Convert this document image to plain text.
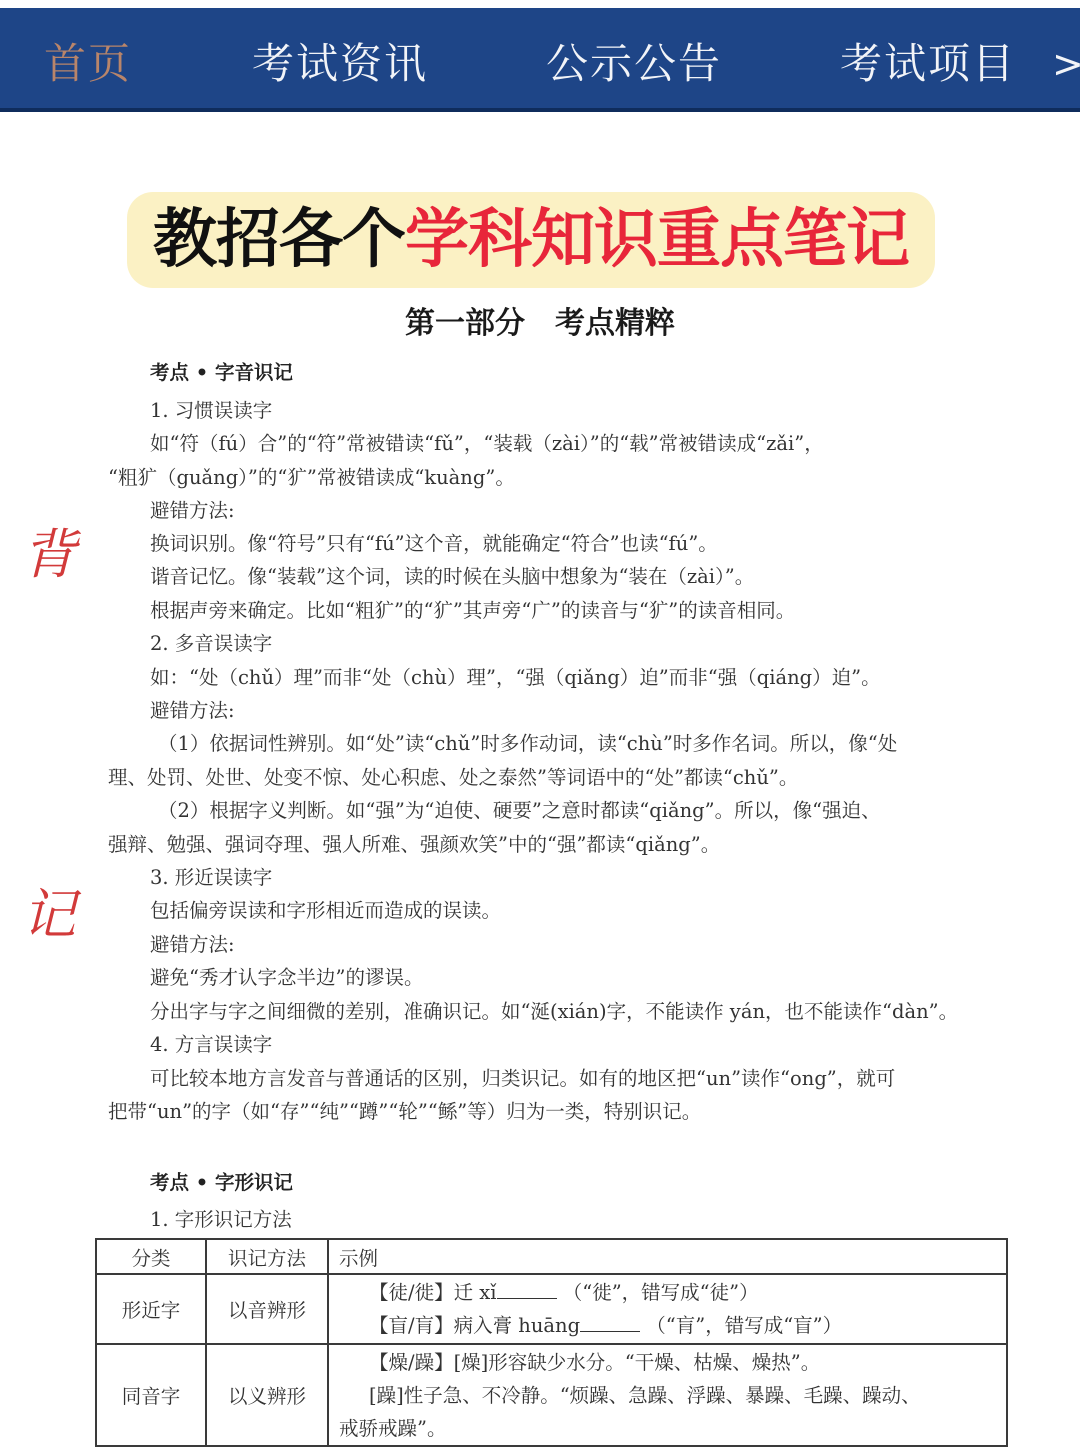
首页	考试资讯	公示公告	考试项目 >
教招各个学科知识重点笔记
第一部分　考点精粹
背
记
考点 • 字音识记
1. 习惯误读字
如“符（fú）合”的“符”常被错读“fǔ”，“装载（zài）”的“载”常被错读成“zǎi”，
“粗犷（guǎng）”的“犷”常被错读成“kuàng”。
避错方法:
换词识别。像“符号”只有“fú”这个音，就能确定“符合”也读“fú”。
谐音记忆。像“装载”这个词，读的时候在头脑中想象为“装在（zài）”。
根据声旁来确定。比如“粗犷”的“犷”其声旁“广”的读音与“犷”的读音相同。
2. 多音误读字
如：“处（chǔ）理”而非“处（chù）理”，“强（qiǎng）迫”而非“强（qiáng）迫”。
避错方法:
（1）依据词性辨别。如“处”读“chǔ”时多作动词，读“chù”时多作名词。所以，像“处
理、处罚、处世、处变不惊、处心积虑、处之泰然”等词语中的“处”都读“chǔ”。
（2）根据字义判断。如“强”为“迫使、硬要”之意时都读“qiǎng”。所以，像“强迫、
强辩、勉强、强词夺理、强人所难、强颜欢笑”中的“强”都读“qiǎng”。
3. 形近误读字
包括偏旁误读和字形相近而造成的误读。
避错方法:
避免“秀才认字念半边”的谬误。
分出字与字之间细微的差别，准确识记。如“涎(xián)字，不能读作 yán，也不能读作“dàn”。
4. 方言误读字
可比较本地方言发音与普通话的区别，归类识记。如有的地区把“un”读作“ong”，就可
把带“un”的字（如“存”“纯”“蹲”“轮”“鲧”等）归为一类，特别识记。
考点 • 字形识记
1. 字形识记方法
分类	识记方法	示例
形近字	以音辨形	【徒/徙】迁 xǐ （“徙”，错写成“徒”）
【盲/肓】病入膏 huāng （“肓”，错写成“盲”）

同音字	以义辨形	【燥/躁】[燥]形容缺少水分。“干燥、枯燥、燥热”。
[躁]性子急、不冷静。“烦躁、急躁、浮躁、暴躁、毛躁、躁动、
戒骄戒躁”。
